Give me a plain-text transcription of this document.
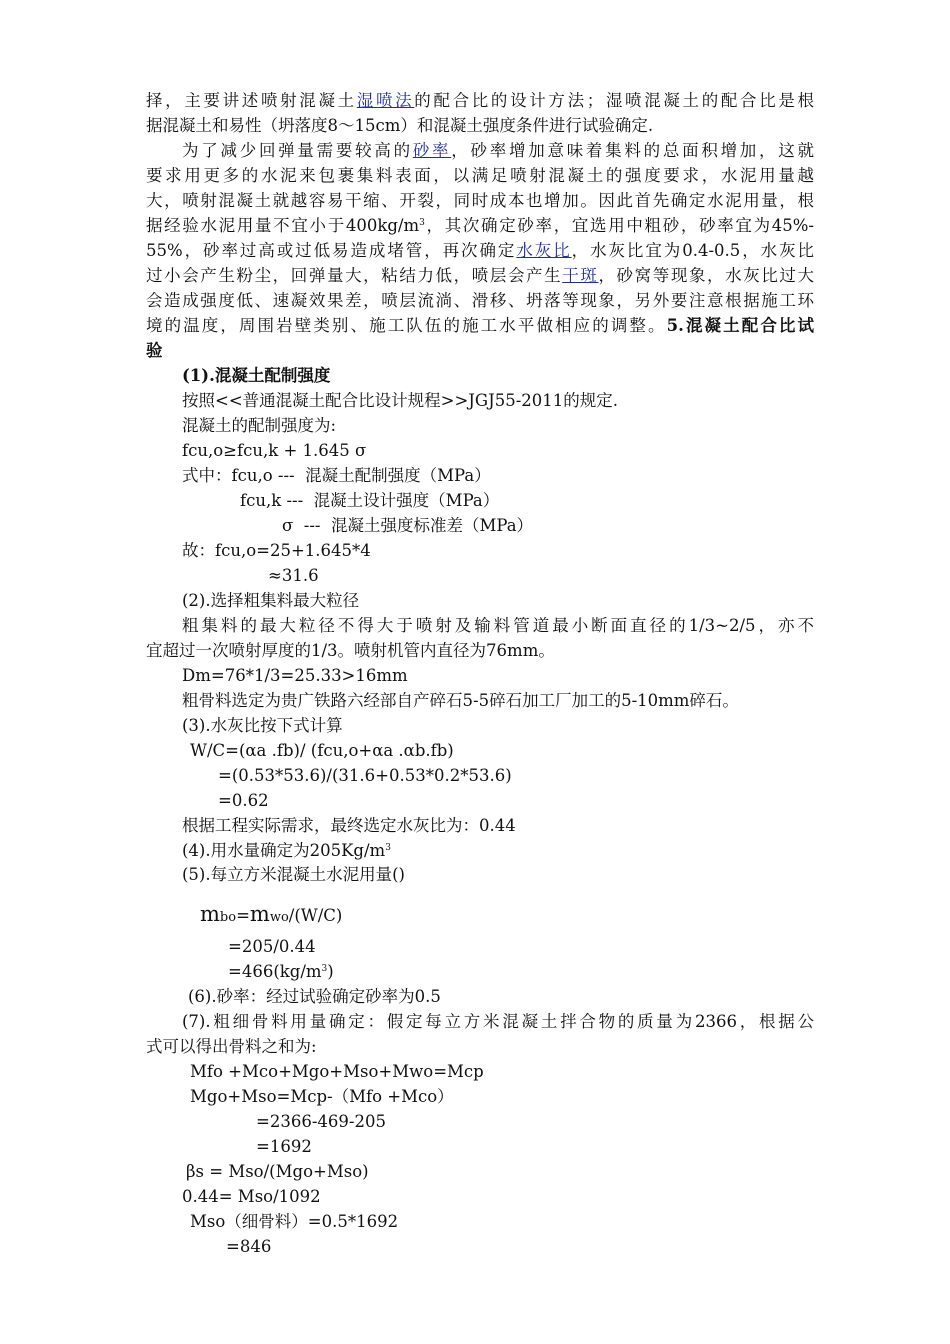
择，主要讲述喷射混凝土湿喷法的配合比的设计方法；湿喷混凝土的配合比是根
据混凝土和易性（坍落度8～15cm）和混凝土强度条件进行试验确定.
为了减少回弹量需要较高的砂率，砂率增加意味着集料的总面积增加，这就
要求用更多的水泥来包裹集料表面，以满足喷射混凝土的强度要求，水泥用量越
大，喷射混凝土就越容易干缩、开裂，同时成本也增加。因此首先确定水泥用量，根
据经验水泥用量不宜小于$400kg/m^3$，其次确定砂率，宜选用中粗砂，砂率宜为45%-
55%，砂率过高或过低易造成堵管，再次确定水灰比，水灰比宜为0.4-0.5，水灰比
过小会产生粉尘，回弹量大，粘结力低，喷层会产生干斑，砂窝等现象，水灰比过大
会造成强度低、速凝效果差，喷层流淌、滑移、坍落等现象，另外要注意根据施工环
境的温度，周围岩壁类别、施工队伍的施工水平做相应的调整。5.混凝土配合比试
验
(1).混凝土配制强度
按照<<普通混凝土配合比设计规程>>JGJ55-2011的规定.
混凝土的配制强度为:
fcu,o≥fcu,k + 1.645 σ
式中：fcu,o ---  混凝土配制强度（MPa）
fcu,k ---  混凝土设计强度（MPa）
σ  ---  混凝土强度标准差（MPa）
故：fcu,o=25+1.645*4
≈31.6
(2).选择粗集料最大粒径
粗集料的最大粒径不得大于喷射及输料管道最小断面直径的1/3~2/5，亦不
宜超过一次喷射厚度的1/3。喷射机管内直径为76mm。
Dm=76*1/3=25.33>16mm
粗骨料选定为贵广铁路六经部自产碎石5-5碎石加工厂加工的5-10mm碎石。
(3).水灰比按下式计算
W/C=(αa .fb)/ (fcu,o+αa .αb.fb)
=(0.53*53.6)/(31.6+0.53*0.2*53.6)
=0.62
根据工程实际需求，最终选定水灰比为：0.44
(4).用水量确定为$205Kg/m^3$
(5).每立方米混凝土水泥用量()
mbo=mwo/(W/C)
=205/0.44
$=466(kg/m^3)$
(6).砂率：经过试验确定砂率为0.5
(7).粗细骨料用量确定：假定每立方米混凝土拌合物的质量为2366，根据公
式可以得出骨料之和为:
Mfo +Mco+Mgo+Mso+Mwo=Mcp
Mgo+Mso=Mcp-（Mfo +Mco）
=2366-469-205
=1692
βs = Mso/(Mgo+Mso)
0.44= Mso/1092
Mso（细骨料）=0.5*1692
=846
